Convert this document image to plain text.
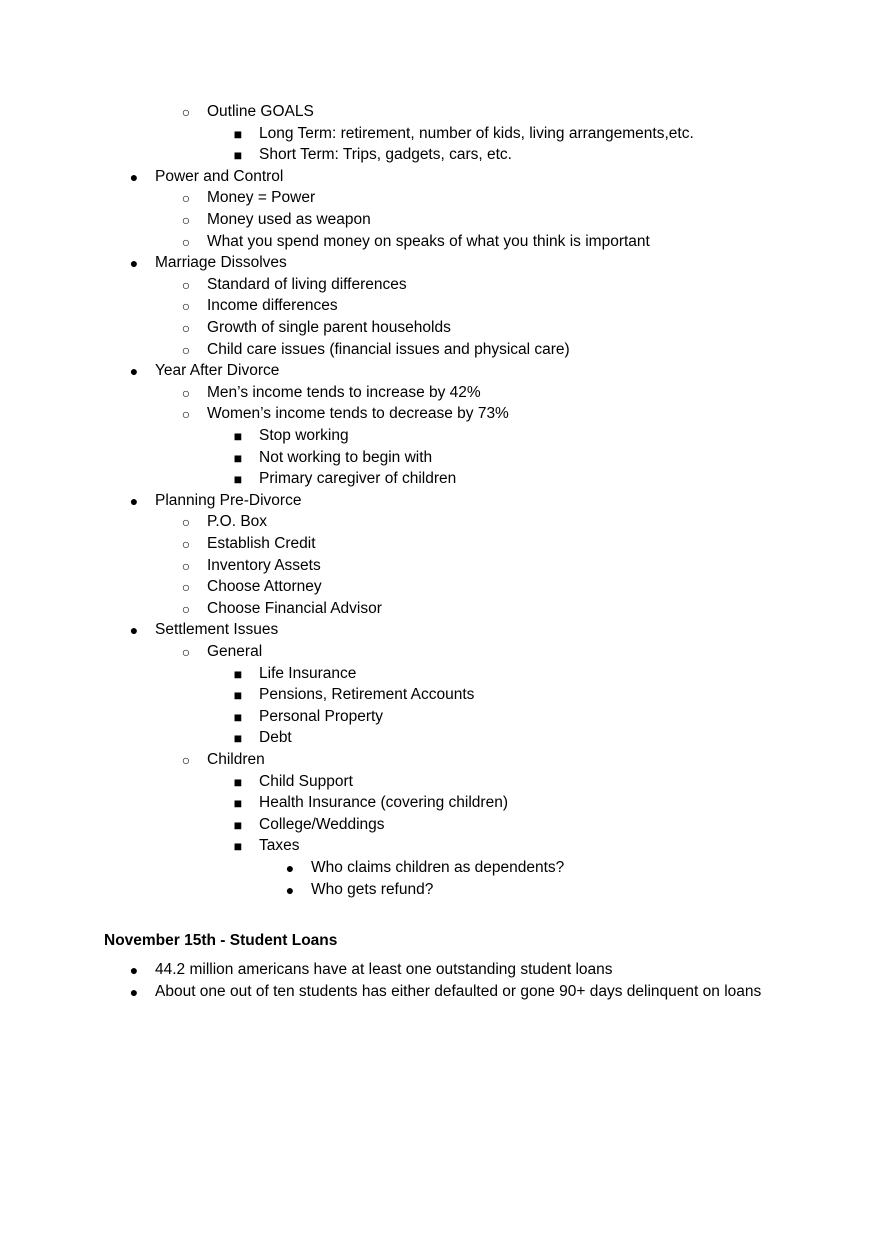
○ Outline GOALS
■ Long Term: retirement, number of kids, living arrangements,etc.
■ Short Term: Trips, gadgets, cars, etc.
● Power and Control
○ Money = Power
○ Money used as weapon
○ What you spend money on speaks of what you think is important
● Marriage Dissolves
○ Standard of living differences
○ Income differences
○ Growth of single parent households
○ Child care issues (financial issues and physical care)
● Year After Divorce
○ Men’s income tends to increase by 42%
○ Women’s income tends to decrease by 73%
■ Stop working
■ Not working to begin with
■ Primary caregiver of children
● Planning Pre-Divorce
○ P.O. Box
○ Establish Credit
○ Inventory Assets
○ Choose Attorney
○ Choose Financial Advisor
● Settlement Issues
○ General
■ Life Insurance
■ Pensions, Retirement Accounts
■ Personal Property
■ Debt
○ Children
■ Child Support
■ Health Insurance (covering children)
■ College/Weddings
■ Taxes
● Who claims children as dependents?
● Who gets refund?
November 15th - Student Loans
● 44.2 million americans have at least one outstanding student loans
● About one out of ten students has either defaulted or gone 90+ days delinquent on loans
